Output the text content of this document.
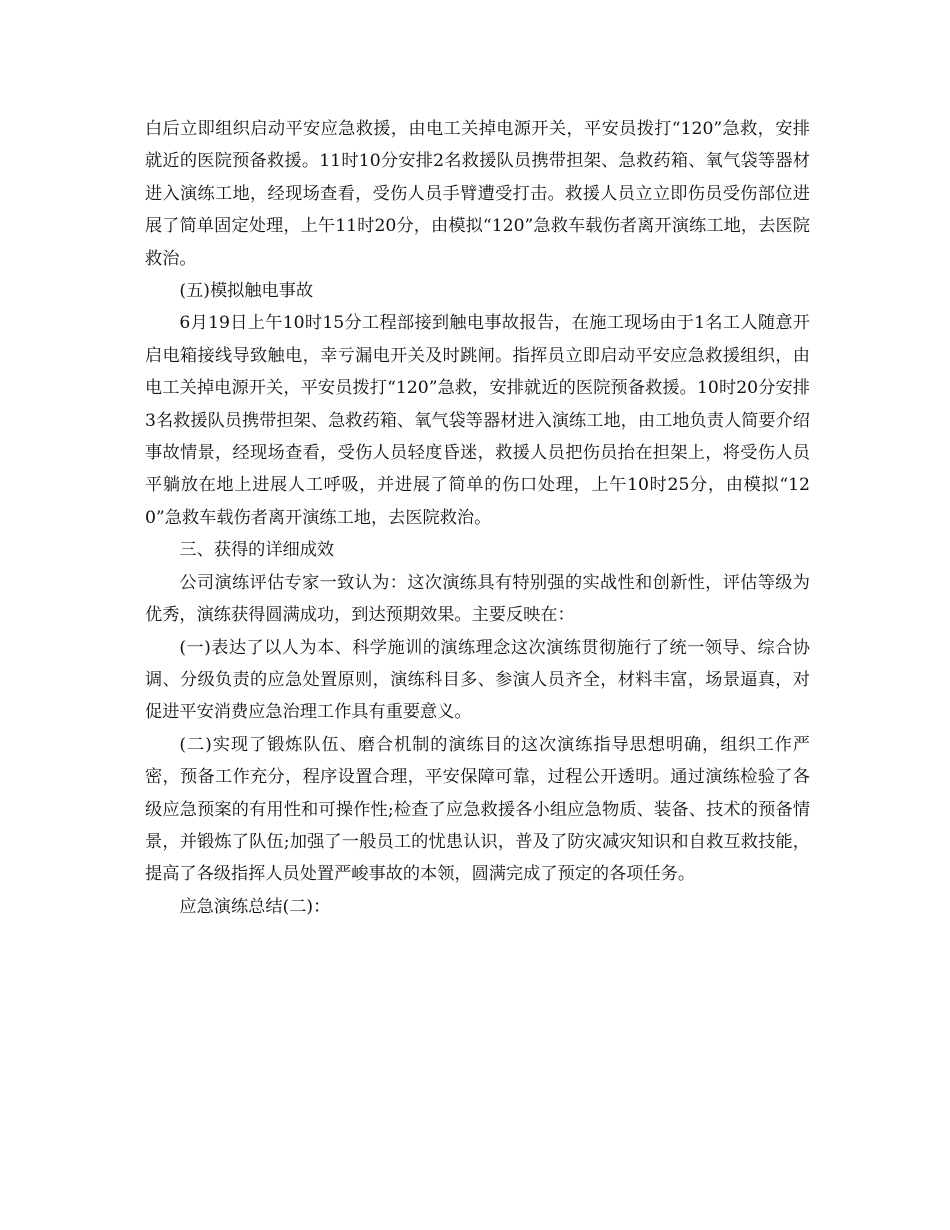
白后立即组织启动平安应急救援，由电工关掉电源开关，平安员拨打“120”急救，安排就近的医院预备救援。11时10分安排2名救援队员携带担架、急救药箱、氧气袋等器材进入演练工地，经现场查看，受伤人员手臂遭受打击。救援人员立立即伤员受伤部位进展了简单固定处理，上午11时20分，由模拟“120”急救车载伤者离开演练工地，去医院救治。

(五)模拟触电事故

6月19日上午10时15分工程部接到触电事故报告，在施工现场由于1名工人随意开启电箱接线导致触电，幸亏漏电开关及时跳闸。指挥员立即启动平安应急救援组织，由电工关掉电源开关，平安员拨打“120”急救，安排就近的医院预备救援。10时20分安排3名救援队员携带担架、急救药箱、氧气袋等器材进入演练工地，由工地负责人简要介绍事故情景，经现场查看，受伤人员轻度昏迷，救援人员把伤员抬在担架上，将受伤人员平躺放在地上进展人工呼吸，并进展了简单的伤口处理，上午10时25分，由模拟“120”急救车载伤者离开演练工地，去医院救治。

三、获得的详细成效

公司演练评估专家一致认为：这次演练具有特别强的实战性和创新性，评估等级为优秀，演练获得圆满成功，到达预期效果。主要反映在：

(一)表达了以人为本、科学施训的演练理念这次演练贯彻施行了统一领导、综合协调、分级负责的应急处置原则，演练科目多、参演人员齐全，材料丰富，场景逼真，对促进平安消费应急治理工作具有重要意义。

(二)实现了锻炼队伍、磨合机制的演练目的这次演练指导思想明确，组织工作严密，预备工作充分，程序设置合理，平安保障可靠，过程公开透明。通过演练检验了各级应急预案的有用性和可操作性;检查了应急救援各小组应急物质、装备、技术的预备情景，并锻炼了队伍;加强了一般员工的忧患认识，普及了防灾减灾知识和自救互救技能，提高了各级指挥人员处置严峻事故的本领，圆满完成了预定的各项任务。

应急演练总结(二)：
